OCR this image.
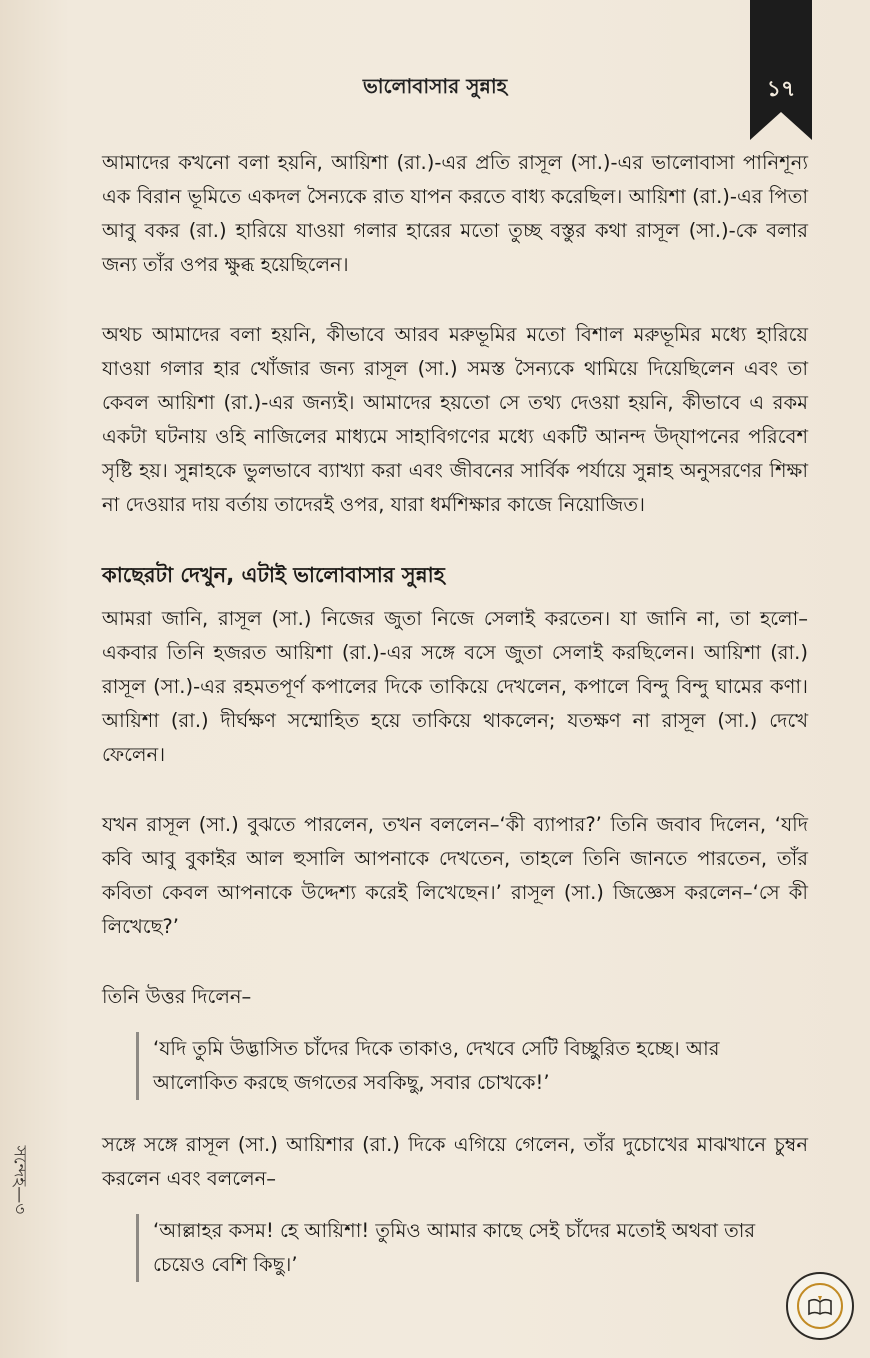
১৭
ভালোবাসার সুন্নাহ

আমাদের কখনো বলা হয়নি, আয়িশা (রা.)-এর প্রতি রাসূল (সা.)-এর ভালোবাসা পানিশূন্য এক বিরান ভূমিতে একদল সৈন্যকে রাত যাপন করতে বাধ্য করেছিল। আয়িশা (রা.)-এর পিতা আবু বকর (রা.) হারিয়ে যাওয়া গলার হারের মতো তুচ্ছ বস্তুর কথা রাসূল (সা.)-কে বলার জন্য তাঁর ওপর ক্ষুব্ধ হয়েছিলেন।

অথচ আমাদের বলা হয়নি, কীভাবে আরব মরুভূমির মতো বিশাল মরুভূমির মধ্যে হারিয়ে যাওয়া গলার হার খোঁজার জন্য রাসূল (সা.) সমস্ত সৈন্যকে থামিয়ে দিয়েছিলেন এবং তা কেবল আয়িশা (রা.)-এর জন্যই। আমাদের হয়তো সে তথ্য দেওয়া হয়নি, কীভাবে এ রকম একটা ঘটনায় ওহি নাজিলের মাধ্যমে সাহাবিগণের মধ্যে একটি আনন্দ উদ্‌যাপনের পরিবেশ সৃষ্টি হয়। সুন্নাহকে ভুলভাবে ব্যাখ্যা করা এবং জীবনের সার্বিক পর্যায়ে সুন্নাহ অনুসরণের শিক্ষা না দেওয়ার দায় বর্তায় তাদেরই ওপর, যারা ধর্মশিক্ষার কাজে নিয়োজিত।

কাছেরটা দেখুন, এটাই ভালোবাসার সুন্নাহ

আমরা জানি, রাসূল (সা.) নিজের জুতা নিজে সেলাই করতেন। যা জানি না, তা হলো–একবার তিনি হজরত আয়িশা (রা.)-এর সঙ্গে বসে জুতা সেলাই করছিলেন। আয়িশা (রা.) রাসূল (সা.)-এর রহমতপূর্ণ কপালের দিকে তাকিয়ে দেখলেন, কপালে বিন্দু বিন্দু ঘামের কণা। আয়িশা (রা.) দীর্ঘক্ষণ সম্মোহিত হয়ে তাকিয়ে থাকলেন; যতক্ষণ না রাসূল (সা.) দেখে ফেলেন।

যখন রাসূল (সা.) বুঝতে পারলেন, তখন বললেন–‘কী ব্যাপার?’ তিনি জবাব দিলেন, ‘যদি কবি আবু বুকাইর আল হুসালি আপনাকে দেখতেন, তাহলে তিনি জানতে পারতেন, তাঁর কবিতা কেবল আপনাকে উদ্দেশ্য করেই লিখেছেন।’ রাসূল (সা.) জিজ্ঞেস করলেন–‘সে কী লিখেছে?’

তিনি উত্তর দিলেন–

‘যদি তুমি উদ্ভাসিত চাঁদের দিকে তাকাও, দেখবে সেটি বিচ্ছুরিত হচ্ছে। আর আলোকিত করছে জগতের সবকিছু, সবার চোখকে!’

সঙ্গে সঙ্গে রাসূল (সা.) আয়িশার (রা.) দিকে এগিয়ে গেলেন, তাঁর দুচোখের মাঝখানে চুম্বন করলেন এবং বললেন–

‘আল্লাহর কসম! হে আয়িশা! তুমিও আমার কাছে সেই চাঁদের মতোই অথবা তার চেয়েও বেশি কিছু।’
সন্দেহ—৩
